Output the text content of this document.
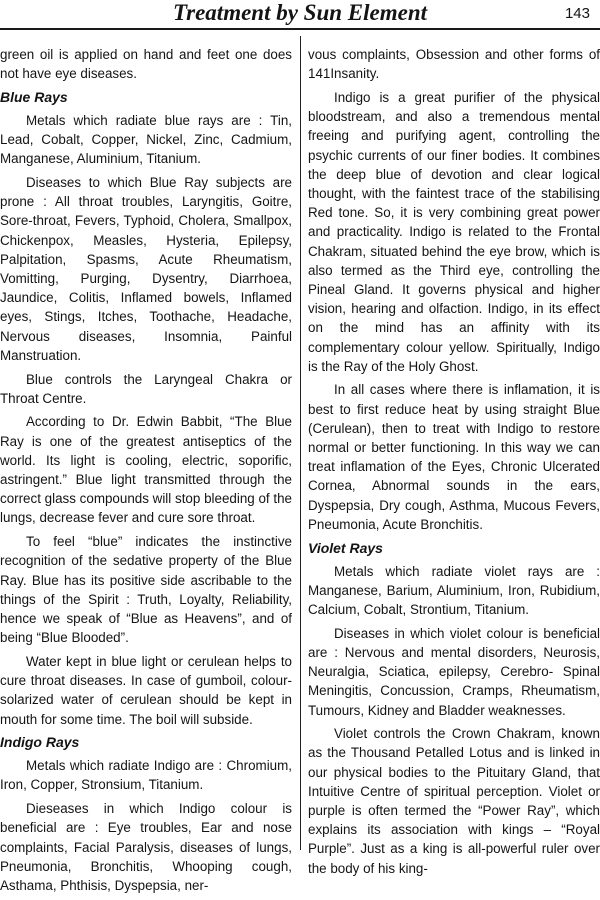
Treatment by Sun Element	143

green oil is applied on hand and feet one does not have eye diseases.

Blue Rays

Metals which radiate blue rays are : Tin, Lead, Cobalt, Copper, Nickel, Zinc, Cadmium, Manganese, Aluminium, Titanium.

Diseases to which Blue Ray subjects are prone : All throat troubles, Laryngitis, Goitre, Sore-throat, Fevers, Typhoid, Cholera, Smallpox, Chickenpox, Measles, Hysteria, Epilepsy, Palpitation, Spasms, Acute Rheumatism, Vomitting, Purging, Dysentry, Diarrhoea, Jaundice, Colitis, Inflamed bowels, Inflamed eyes, Stings, Itches, Toothache, Headache, Nervous diseases, Insomnia, Painful Manstruation.

Blue controls the Laryngeal Chakra or Throat Centre.

According to Dr. Edwin Babbit, “The Blue Ray is one of the greatest antiseptics of the world. Its light is cooling, electric, soporific, astringent.” Blue light transmitted through the correct glass compounds will stop bleeding of the lungs, decrease fever and cure sore throat.

To feel “blue” indicates the instinctive recognition of the sedative property of the Blue Ray. Blue has its positive side ascribable to the things of the Spirit : Truth, Loyalty, Reliability, hence we speak of “Blue as Heavens”, and of being “Blue Blooded”.

Water kept in blue light or cerulean helps to cure throat diseases. In case of gumboil, colour-solarized water of cerulean should be kept in mouth for some time. The boil will subside.

Indigo Rays

Metals which radiate Indigo are : Chromium, Iron, Copper, Stronsium, Titanium.

Dieseases in which Indigo colour is beneficial are : Eye troubles, Ear and nose complaints, Facial Paralysis, diseases of lungs, Pneumonia, Bronchitis, Whooping cough, Asthama, Phthisis, Dyspepsia, ner-

vous complaints, Obsession and other forms of 141Insanity.

Indigo is a great purifier of the physical bloodstream, and also a tremendous mental freeing and purifying agent, controlling the psychic currents of our finer bodies. It combines the deep blue of devotion and clear logical thought, with the faintest trace of the stabilising Red tone. So, it is very combining great power and practicality. Indigo is related to the Frontal Chakram, situated behind the eye brow, which is also termed as the Third eye, controlling the Pineal Gland. It governs physical and higher vision, hearing and olfaction. Indigo, in its effect on the mind has an affinity with its complementary colour yellow. Spiritually, Indigo is the Ray of the Holy Ghost.

In all cases where there is inflamation, it is best to first reduce heat by using straight Blue (Cerulean), then to treat with Indigo to restore normal or better functioning. In this way we can treat inflamation of the Eyes, Chronic Ulcerated Cornea, Abnormal sounds in the ears, Dyspepsia, Dry cough, Asthma, Mucous Fevers, Pneumonia, Acute Bronchitis.

Violet Rays

Metals which radiate violet rays are : Manganese, Barium, Aluminium, Iron, Rubidium, Calcium, Cobalt, Strontium, Titanium.

Diseases in which violet colour is beneficial are : Nervous and mental disorders, Neurosis, Neuralgia, Sciatica, epilepsy, Cerebro- Spinal Meningitis, Concussion, Cramps, Rheumatism, Tumours, Kidney and Bladder weaknesses.

Violet controls the Crown Chakram, known as the Thousand Petalled Lotus and is linked in our physical bodies to the Pituitary Gland, that Intuitive Centre of spiritual perception. Violet or purple is often termed the “Power Ray”, which explains its association with kings – “Royal Purple”. Just as a king is all-powerful ruler over the body of his king-
